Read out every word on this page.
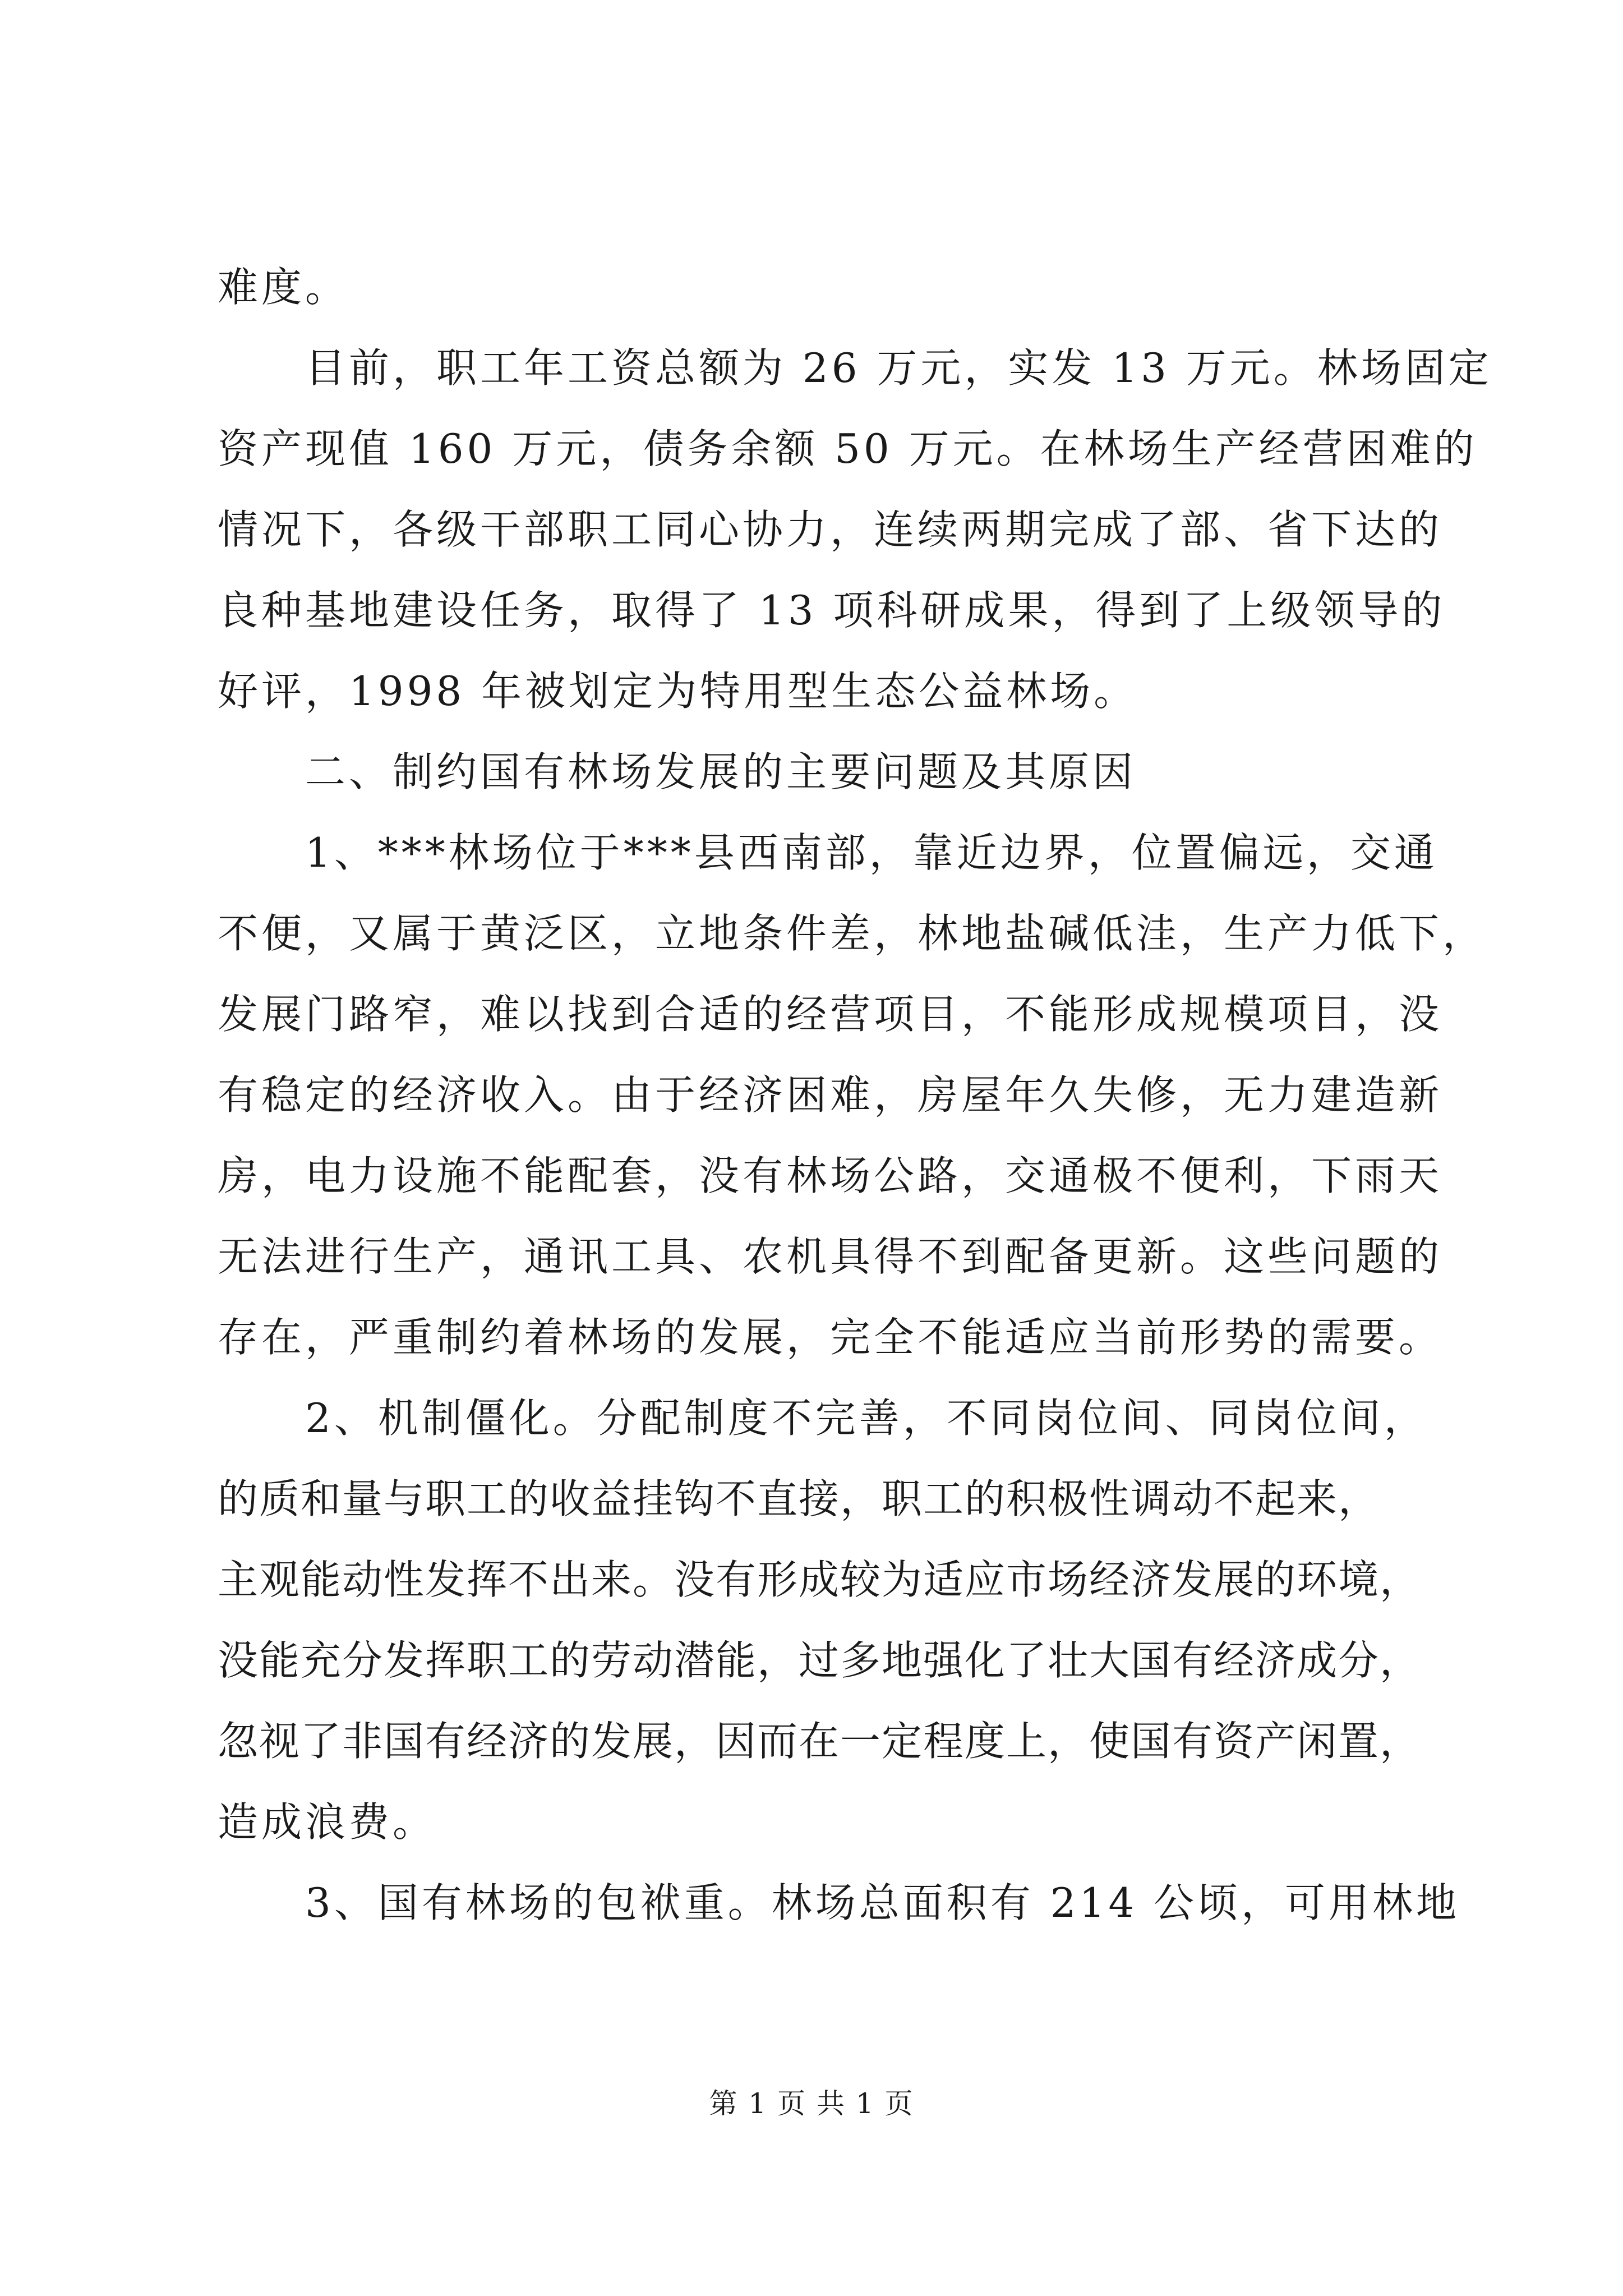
难度。
目前，职工年工资总额为 26 万元，实发 13 万元。林场固定
资产现值 160 万元，债务余额 50 万元。在林场生产经营困难的
情况下，各级干部职工同心协力，连续两期完成了部、省下达的
良种基地建设任务，取得了 13 项科研成果，得到了上级领导的
好评，1998 年被划定为特用型生态公益林场。
二、制约国有林场发展的主要问题及其原因
1、***林场位于***县西南部，靠近边界，位置偏远，交通
不便，又属于黄泛区，立地条件差，林地盐碱低洼，生产力低下，
发展门路窄，难以找到合适的经营项目，不能形成规模项目，没
有稳定的经济收入。由于经济困难，房屋年久失修，无力建造新
房，电力设施不能配套，没有林场公路，交通极不便利，下雨天
无法进行生产，通讯工具、农机具得不到配备更新。这些问题的
存在，严重制约着林场的发展，完全不能适应当前形势的需要。
2、机制僵化。分配制度不完善，不同岗位间、同岗位间，
的质和量与职工的收益挂钩不直接，职工的积极性调动不起来，
主观能动性发挥不出来。没有形成较为适应市场经济发展的环境，
没能充分发挥职工的劳动潜能，过多地强化了壮大国有经济成分，
忽视了非国有经济的发展，因而在一定程度上，使国有资产闲置，
造成浪费。
3、国有林场的包袱重。林场总面积有 214 公顷，可用林地
第 1 页 共 1 页
